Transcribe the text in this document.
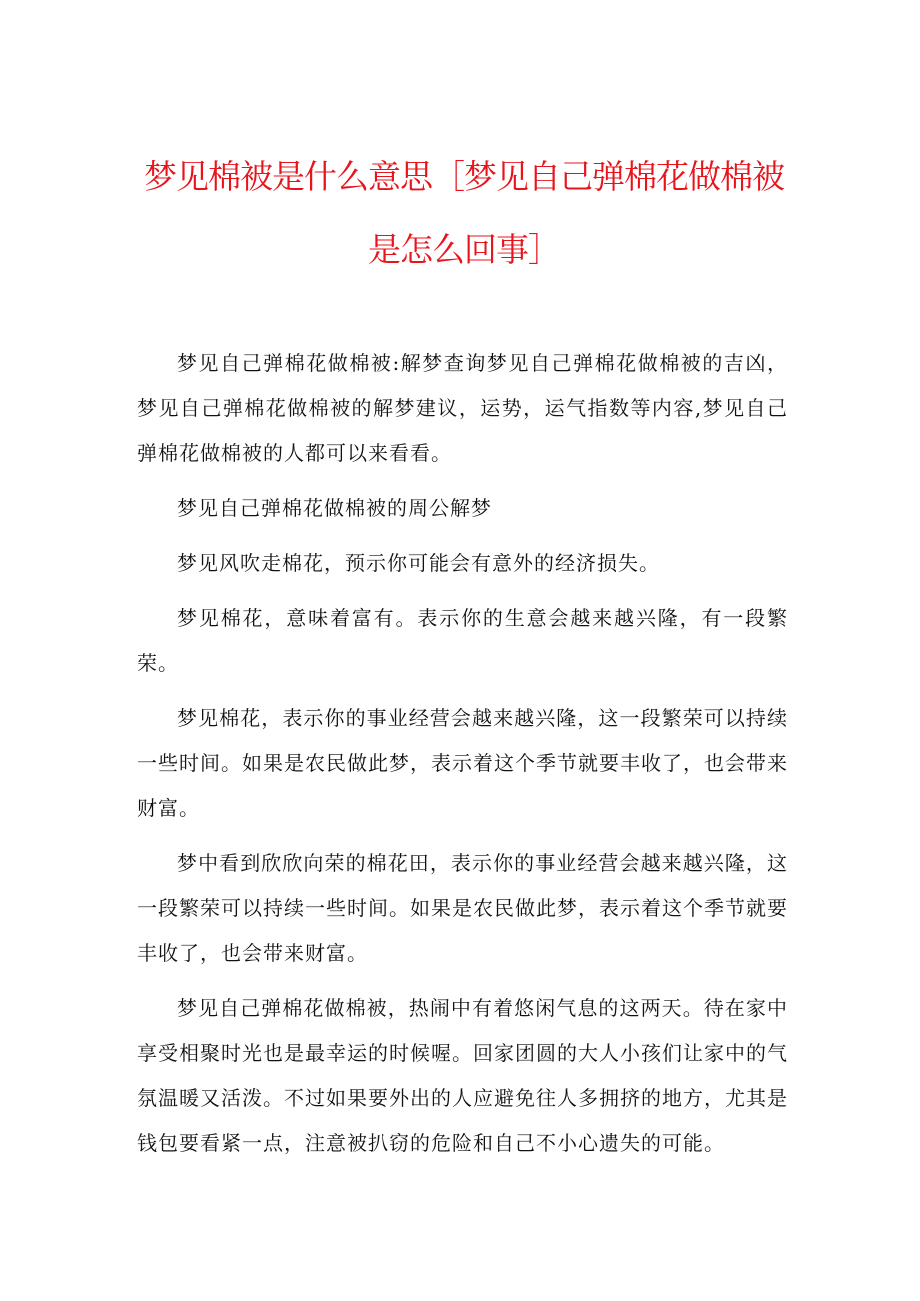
梦见棉被是什么意思［梦见自己弹棉花做棉被是怎么回事］

梦见自己弹棉花做棉被:解梦查询梦见自己弹棉花做棉被的吉凶，梦见自己弹棉花做棉被的解梦建议，运势，运气指数等内容,梦见自己弹棉花做棉被的人都可以来看看。

梦见自己弹棉花做棉被的周公解梦

梦见风吹走棉花，预示你可能会有意外的经济损失。

梦见棉花，意味着富有。表示你的生意会越来越兴隆，有一段繁荣。

梦见棉花，表示你的事业经营会越来越兴隆，这一段繁荣可以持续一些时间。如果是农民做此梦，表示着这个季节就要丰收了，也会带来财富。

梦中看到欣欣向荣的棉花田，表示你的事业经营会越来越兴隆，这一段繁荣可以持续一些时间。如果是农民做此梦，表示着这个季节就要丰收了，也会带来财富。

梦见自己弹棉花做棉被，热闹中有着悠闲气息的这两天。待在家中享受相聚时光也是最幸运的时候喔。回家团圆的大人小孩们让家中的气氛温暖又活泼。不过如果要外出的人应避免往人多拥挤的地方，尤其是钱包要看紧一点，注意被扒窃的危险和自己不小心遗失的可能。
